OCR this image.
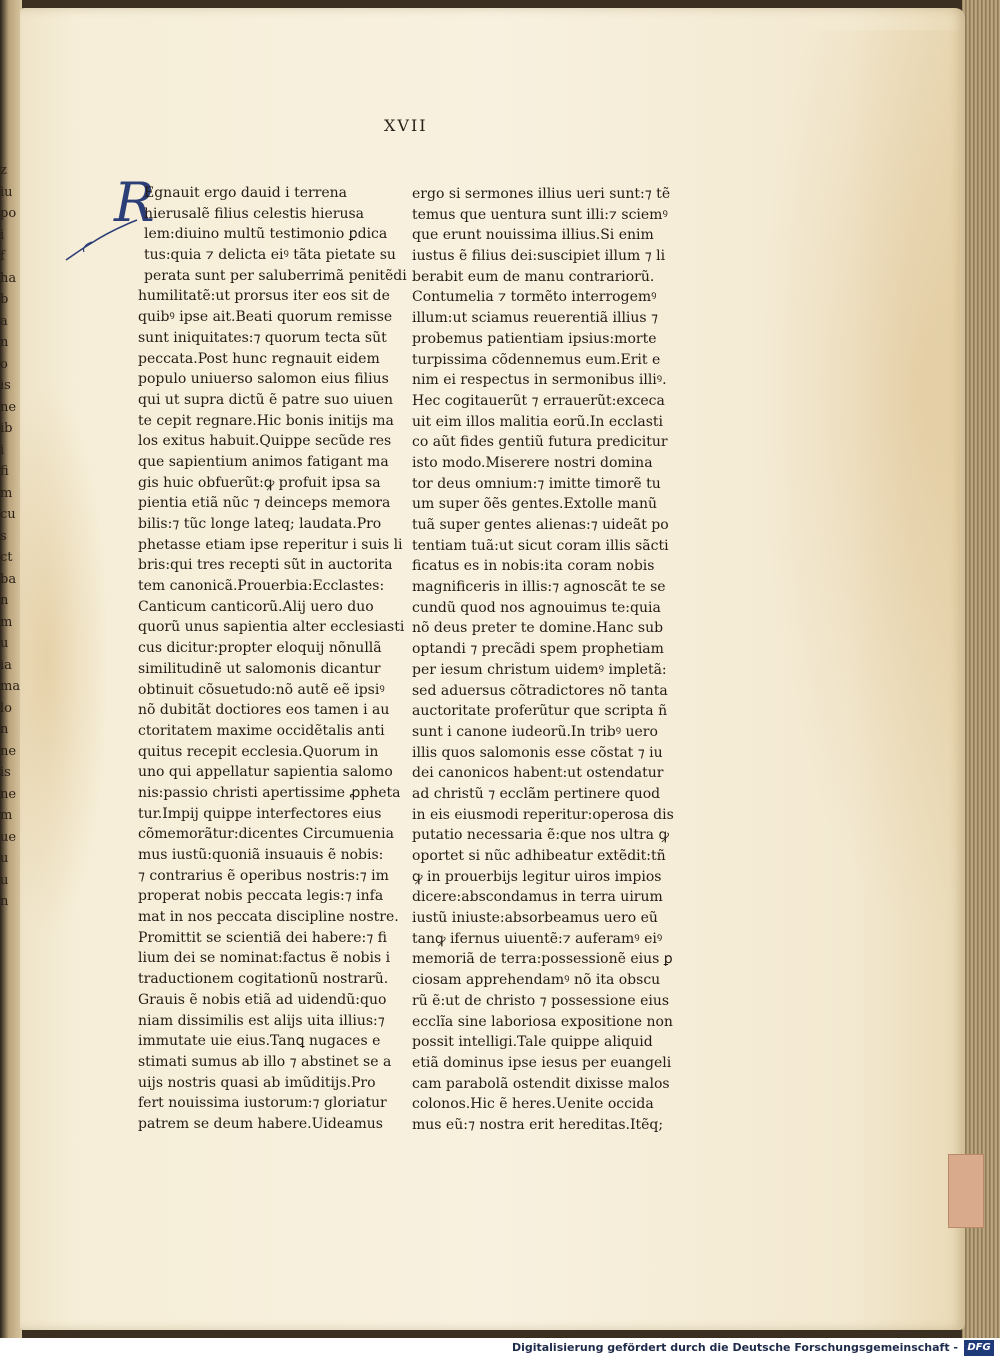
z
iu
po
i
f
ha
b
a
n
o
is
ne
ib
i
fi
m
cu
s
ct
ba
n
m
u
ia
ma
lo
n
ne
is
ne
m
ue
u
u
n
XVII
R
Egnauit ergo dauid i terrena
hierusalẽ filius celestis hierusa
lem:diuino multũ testimonio ꝑdica
tus:quia ⁊ delicta eiꝰ tãta pietate su
perata sunt per saluberrimã penitẽdi
humilitatẽ:ut prorsus iter eos sit de
quibꝰ ipse ait.Beati quorum remisse
sunt iniquitates:⁊ quorum tecta sũt
peccata.Post hunc regnauit eidem
populo uniuerso salomon eius filius
qui ut supra dictũ ẽ patre suo uiuen
te cepit regnare.Hic bonis initijs ma
los exitus habuit.Quippe secũde res
que sapientium animos fatigant ma
gis huic obfuerũt:ꝙ profuit ipsa sa
pientia etiã nũc ⁊ deinceps memora
bilis:⁊ tũc longe lateq; laudata.Pro
phetasse etiam ipse reperitur i suis li
bris:qui tres recepti sũt in auctorita
tem canonicã.Prouerbia:Ecclastes:
Canticum canticorũ.Alij uero duo
quorũ unus sapientia alter ecclesiasti
cus dicitur:propter eloquij nõnullã
similitudinẽ ut salomonis dicantur
obtinuit cõsuetudo:nõ autẽ eẽ ipsiꝰ
nõ dubitãt doctiores eos tamen i au
ctoritatem maxime occidẽtalis anti
quitus recepit ecclesia.Quorum in
uno qui appellatur sapientia salomo
nis:passio christi apertissime ꝓpheta
tur.Impij quippe interfectores eius
cõmemorãtur:dicentes Circumuenia
mus iustũ:quoniã insuauis ẽ nobis:
⁊ contrarius ẽ operibus nostris:⁊ im
properat nobis peccata legis:⁊ infa
mat in nos peccata discipline nostre.
Promittit se scientiã dei habere:⁊ fi
lium dei se nominat:factus ẽ nobis i
traductionem cogitationũ nostrarũ.
Grauis ẽ nobis etiã ad uidendũ:quo
niam dissimilis est alijs uita illius:⁊
immutate uie eius.Tanꝗ nugaces e
stimati sumus ab illo ⁊ abstinet se a
uijs nostris quasi ab imũditijs.Pro
fert nouissima iustorum:⁊ gloriatur
patrem se deum habere.Uideamus
ergo si sermones illius ueri sunt:⁊ tẽ
temus que uentura sunt illi:⁊ sciemꝰ
que erunt nouissima illius.Si enim
iustus ẽ filius dei:suscipiet illum ⁊ li
berabit eum de manu contrariorũ.
Contumelia ⁊ tormẽto interrogemꝰ
illum:ut sciamus reuerentiã illius ⁊
probemus patientiam ipsius:morte
turpissima cõdennemus eum.Erit e
nim ei respectus in sermonibus illiꝰ.
Hec cogitauerũt ⁊ errauerũt:exceca
uit eim illos malitia eorũ.In ecclasti
co aũt fides gentiũ futura predicitur
isto modo.Miserere nostri domina
tor deus omnium:⁊ imitte timorẽ tu
um super õẽs gentes.Extolle manũ
tuã super gentes alienas:⁊ uideãt po
tentiam tuã:ut sicut coram illis sãcti
ficatus es in nobis:ita coram nobis
magnificeris in illis:⁊ agnoscãt te se
cundũ quod nos agnouimus te:quia
nõ deus preter te domine.Hanc sub
optandi ⁊ precãdi spem prophetiam
per iesum christum uidemꝰ impletã:
sed aduersus cõtradictores nõ tanta
auctoritate proferũtur que scripta ñ
sunt i canone iudeorũ.In tribꝰ uero
illis quos salomonis esse cõstat ⁊ iu
dei canonicos habent:ut ostendatur
ad christũ ⁊ ecclãm pertinere quod
in eis eiusmodi reperitur:operosa dis
putatio necessaria ẽ:que nos ultra ꝙ
oportet si nũc adhibeatur extẽdit:tñ
ꝙ in prouerbijs legitur uiros impios
dicere:abscondamus in terra uirum
iustũ iniuste:absorbeamus uero eũ
tanꝙ ifernus uiuentẽ:⁊ auferamꝰ eiꝰ
memoriã de terra:possessionẽ eius ꝑ
ciosam apprehendamꝰ nõ ita obscu
rũ ẽ:ut de christo ⁊ possessione eius
ecclĩa sine laboriosa expositione non
possit intelligi.Tale quippe aliquid
etiã dominus ipse iesus per euangeli
cam parabolã ostendit dixisse malos
colonos.Hic ẽ heres.Uenite occida
mus eũ:⁊ nostra erit hereditas.Itẽq;
Digitalisierung gefördert durch die Deutsche Forschungsgemeinschaft - DFG
